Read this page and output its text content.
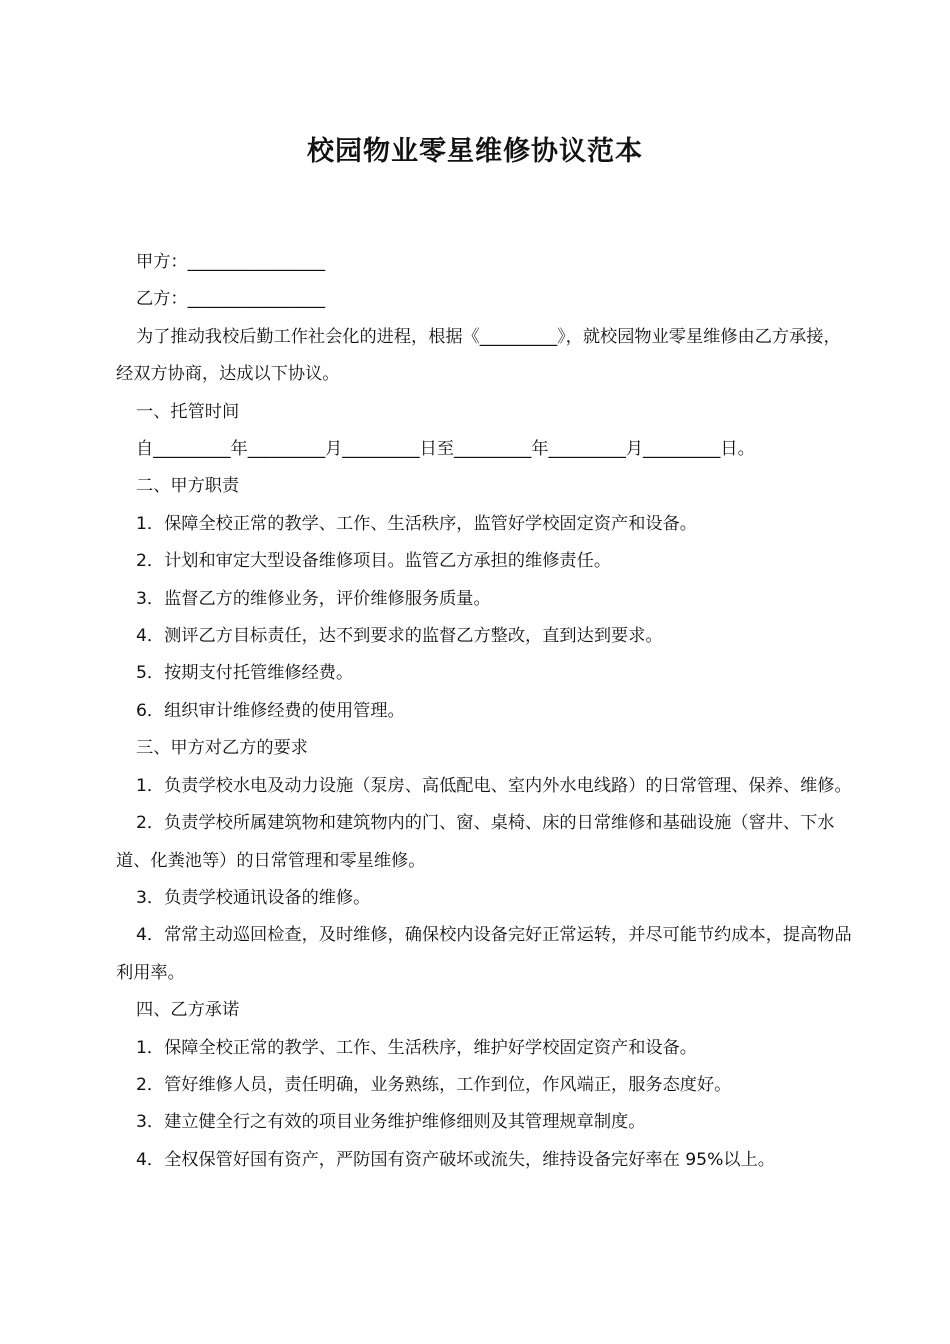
校园物业零星维修协议范本

甲方：________________

乙方：________________

为了推动我校后勤工作社会化的进程，根据《_________》，就校园物业零星维修由乙方承接，经双方协商，达成以下协议。

一、托管时间

自_________年_________月_________日至_________年_________月_________日。

二、甲方职责

1．保障全校正常的教学、工作、生活秩序，监管好学校固定资产和设备。

2．计划和审定大型设备维修项目。监管乙方承担的维修责任。

3．监督乙方的维修业务，评价维修服务质量。

4．测评乙方目标责任，达不到要求的监督乙方整改，直到达到要求。

5．按期支付托管维修经费。

6．组织审计维修经费的使用管理。

三、甲方对乙方的要求

1．负责学校水电及动力设施（泵房、高低配电、室内外水电线路）的日常管理、保养、维修。

2．负责学校所属建筑物和建筑物内的门、窗、桌椅、床的日常维修和基础设施（窨井、下水道、化粪池等）的日常管理和零星维修。

3．负责学校通讯设备的维修。

4．常常主动巡回检查，及时维修，确保校内设备完好正常运转，并尽可能节约成本，提高物品利用率。

四、乙方承诺

1．保障全校正常的教学、工作、生活秩序，维护好学校固定资产和设备。

2．管好维修人员，责任明确，业务熟练，工作到位，作风端正，服务态度好。

3．建立健全行之有效的项目业务维护维修细则及其管理规章制度。

4．全权保管好国有资产，严防国有资产破坏或流失，维持设备完好率在 95%以上。
